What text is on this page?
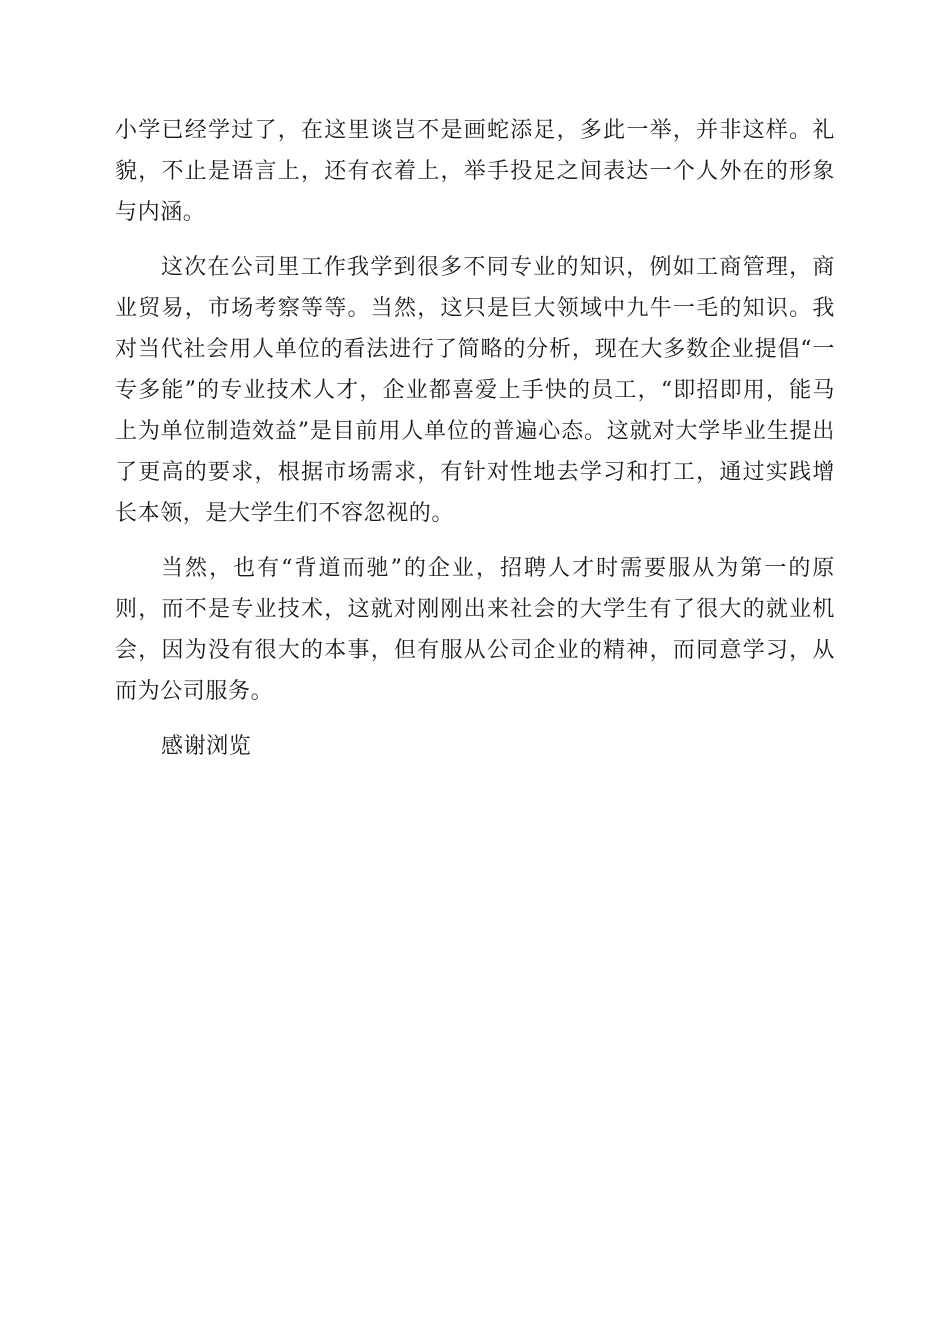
小学已经学过了，在这里谈岂不是画蛇添足，多此一举，并非这样。礼貌，不止是语言上，还有衣着上，举手投足之间表达一个人外在的形象与内涵。

这次在公司里工作我学到很多不同专业的知识，例如工商管理，商业贸易，市场考察等等。当然，这只是巨大领域中九牛一毛的知识。我对当代社会用人单位的看法进行了简略的分析，现在大多数企业提倡“一专多能”的专业技术人才，企业都喜爱上手快的员工，“即招即用，能马上为单位制造效益”是目前用人单位的普遍心态。这就对大学毕业生提出了更高的要求，根据市场需求，有针对性地去学习和打工，通过实践增长本领，是大学生们不容忽视的。

当然，也有“背道而驰”的企业，招聘人才时需要服从为第一的原则，而不是专业技术，这就对刚刚出来社会的大学生有了很大的就业机会，因为没有很大的本事，但有服从公司企业的精神，而同意学习，从而为公司服务。

感谢浏览
